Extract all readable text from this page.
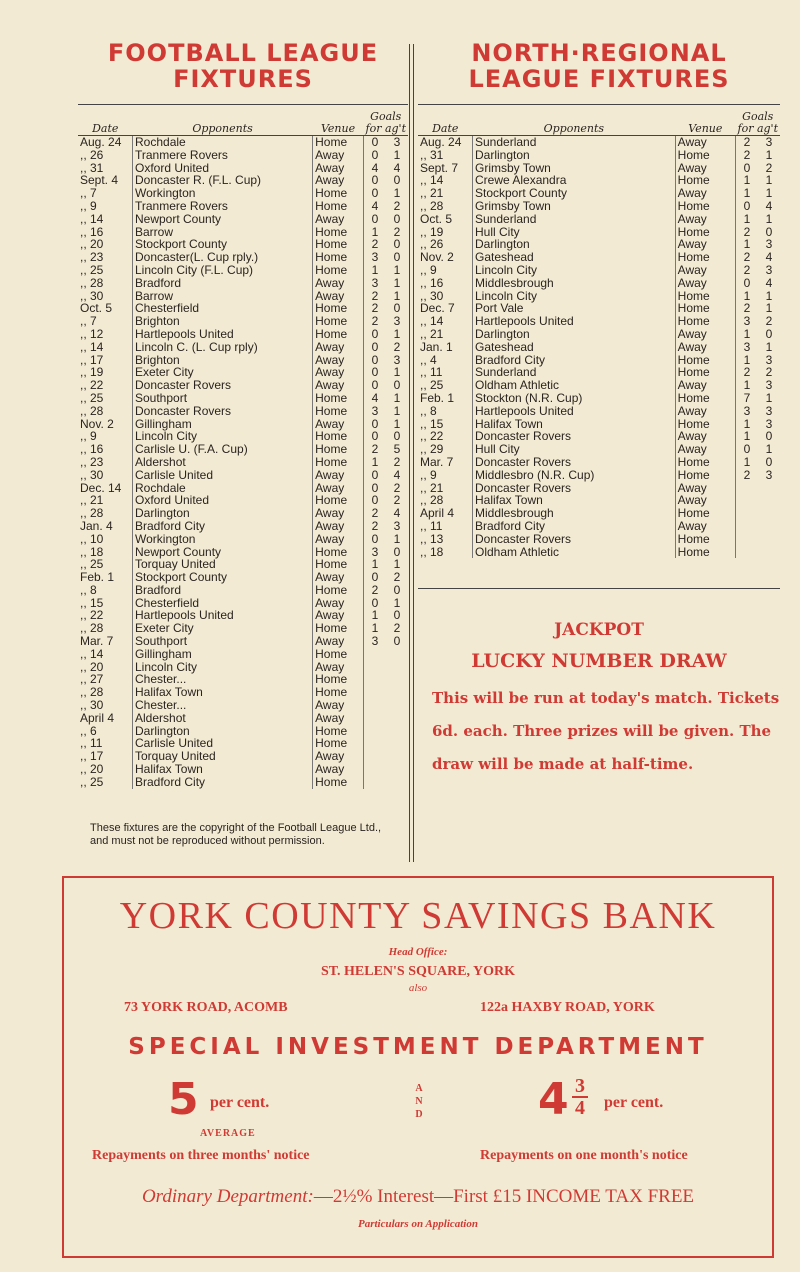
FOOTBALL LEAGUE
FIXTURES
Date	Opponents	Venue	Goals
for ag't	

Aug. 24	Rochdale	Home	0	3
,, 26	Tranmere Rovers	Away	0	1
,, 31	Oxford United	Away	4	4
Sept. 4	Doncaster R. (F.L. Cup)	Away	0	0
,, 7	Workington	Home	0	1
,, 9	Tranmere Rovers	Home	4	2
,, 14	Newport County	Away	0	0
,, 16	Barrow	Home	1	2
,, 20	Stockport County	Home	2	0
,, 23	Doncaster(L. Cup rply.)	Home	3	0
,, 25	Lincoln City (F.L. Cup)	Home	1	1
,, 28	Bradford	Away	3	1
,, 30	Barrow	Away	2	1
Oct. 5	Chesterfield	Home	2	0
,, 7	Brighton	Home	2	3
,, 12	Hartlepools United	Home	0	1
,, 14	Lincoln C. (L. Cup rply)	Away	0	2
,, 17	Brighton	Away	0	3
,, 19	Exeter City	Away	0	1
,, 22	Doncaster Rovers	Away	0	0
,, 25	Southport	Home	4	1
,, 28	Doncaster Rovers	Home	3	1
Nov. 2	Gillingham	Away	0	1
,, 9	Lincoln City	Home	0	0
,, 16	Carlisle U. (F.A. Cup)	Home	2	5
,, 23	Aldershot	Home	1	2
,, 30	Carlisle United	Away	0	4
Dec. 14	Rochdale	Away	0	2
,, 21	Oxford United	Home	0	2
,, 28	Darlington	Away	2	4
Jan. 4	Bradford City	Away	2	3
,, 10	Workington	Away	0	1
,, 18	Newport County	Home	3	0
,, 25	Torquay United	Home	1	1
Feb. 1	Stockport County	Away	0	2
,, 8	Bradford	Home	2	0
,, 15	Chesterfield	Away	0	1
,, 22	Hartlepools United	Away	1	0
,, 28	Exeter City	Home	1	2
Mar. 7	Southport	Away	3	0
,, 14	Gillingham	Home		
,, 20	Lincoln City	Away		
,, 27	Chester...	Home		
,, 28	Halifax Town	Home		
,, 30	Chester...	Away		
April 4	Aldershot	Away		
,, 6	Darlington	Home		
,, 11	Carlisle United	Home		
,, 17	Torquay United	Away		
,, 20	Halifax Town	Away		
,, 25	Bradford City	Home		
NORTH·REGIONAL
LEAGUE FIXTURES
Date	Opponents	Venue	Goals
for ag't	

Aug. 24	Sunderland	Away	2	3
,, 31	Darlington	Home	2	1
Sept. 7	Grimsby Town	Away	0	2
,, 14	Crewe Alexandra	Home	1	1
,, 21	Stockport County	Away	1	1
,, 28	Grimsby Town	Home	0	4
Oct. 5	Sunderland	Away	1	1
,, 19	Hull City	Home	2	0
,, 26	Darlington	Away	1	3
Nov. 2	Gateshead	Home	2	4
,, 9	Lincoln City	Away	2	3
,, 16	Middlesbrough	Away	0	4
,, 30	Lincoln City	Home	1	1
Dec. 7	Port Vale	Home	2	1
,, 14	Hartlepools United	Home	3	2
,, 21	Darlington	Away	1	0
Jan. 1	Gateshead	Away	3	1
,, 4	Bradford City	Home	1	3
,, 11	Sunderland	Home	2	2
,, 25	Oldham Athletic	Away	1	3
Feb. 1	Stockton (N.R. Cup)	Home	7	1
,, 8	Hartlepools United	Away	3	3
,, 15	Halifax Town	Home	1	3
,, 22	Doncaster Rovers	Away	1	0
,, 29	Hull City	Away	0	1
Mar. 7	Doncaster Rovers	Home	1	0
,, 9	Middlesbro (N.R. Cup)	Home	2	3
,, 21	Doncaster Rovers	Away		
,, 28	Halifax Town	Away		
April 4	Middlesbrough	Home		
,, 11	Bradford City	Away		
,, 13	Doncaster Rovers	Home		
,, 18	Oldham Athletic	Home		
JACKPOT
LUCKY NUMBER DRAW
This will be run at today's match. Tickets 6d. each. Three prizes will be given. The draw will be made at half-time.
These fixtures are the copyright of the Football League Ltd., and must not be reproduced without permission.
YORK COUNTY SAVINGS BANK
Head Office:
ST. HELEN'S SQUARE, YORK
also
73 YORK ROAD, ACOMB	122a HAXBY ROAD, YORK
SPECIAL INVESTMENT DEPARTMENT
5 per cent.
AVERAGE
Repayments on three months' notice
A
N
D	4 3
4 per cent.
Repayments on one month's notice
Ordinary Department:—2½% Interest—First £15 INCOME TAX FREE
Particulars on Application
